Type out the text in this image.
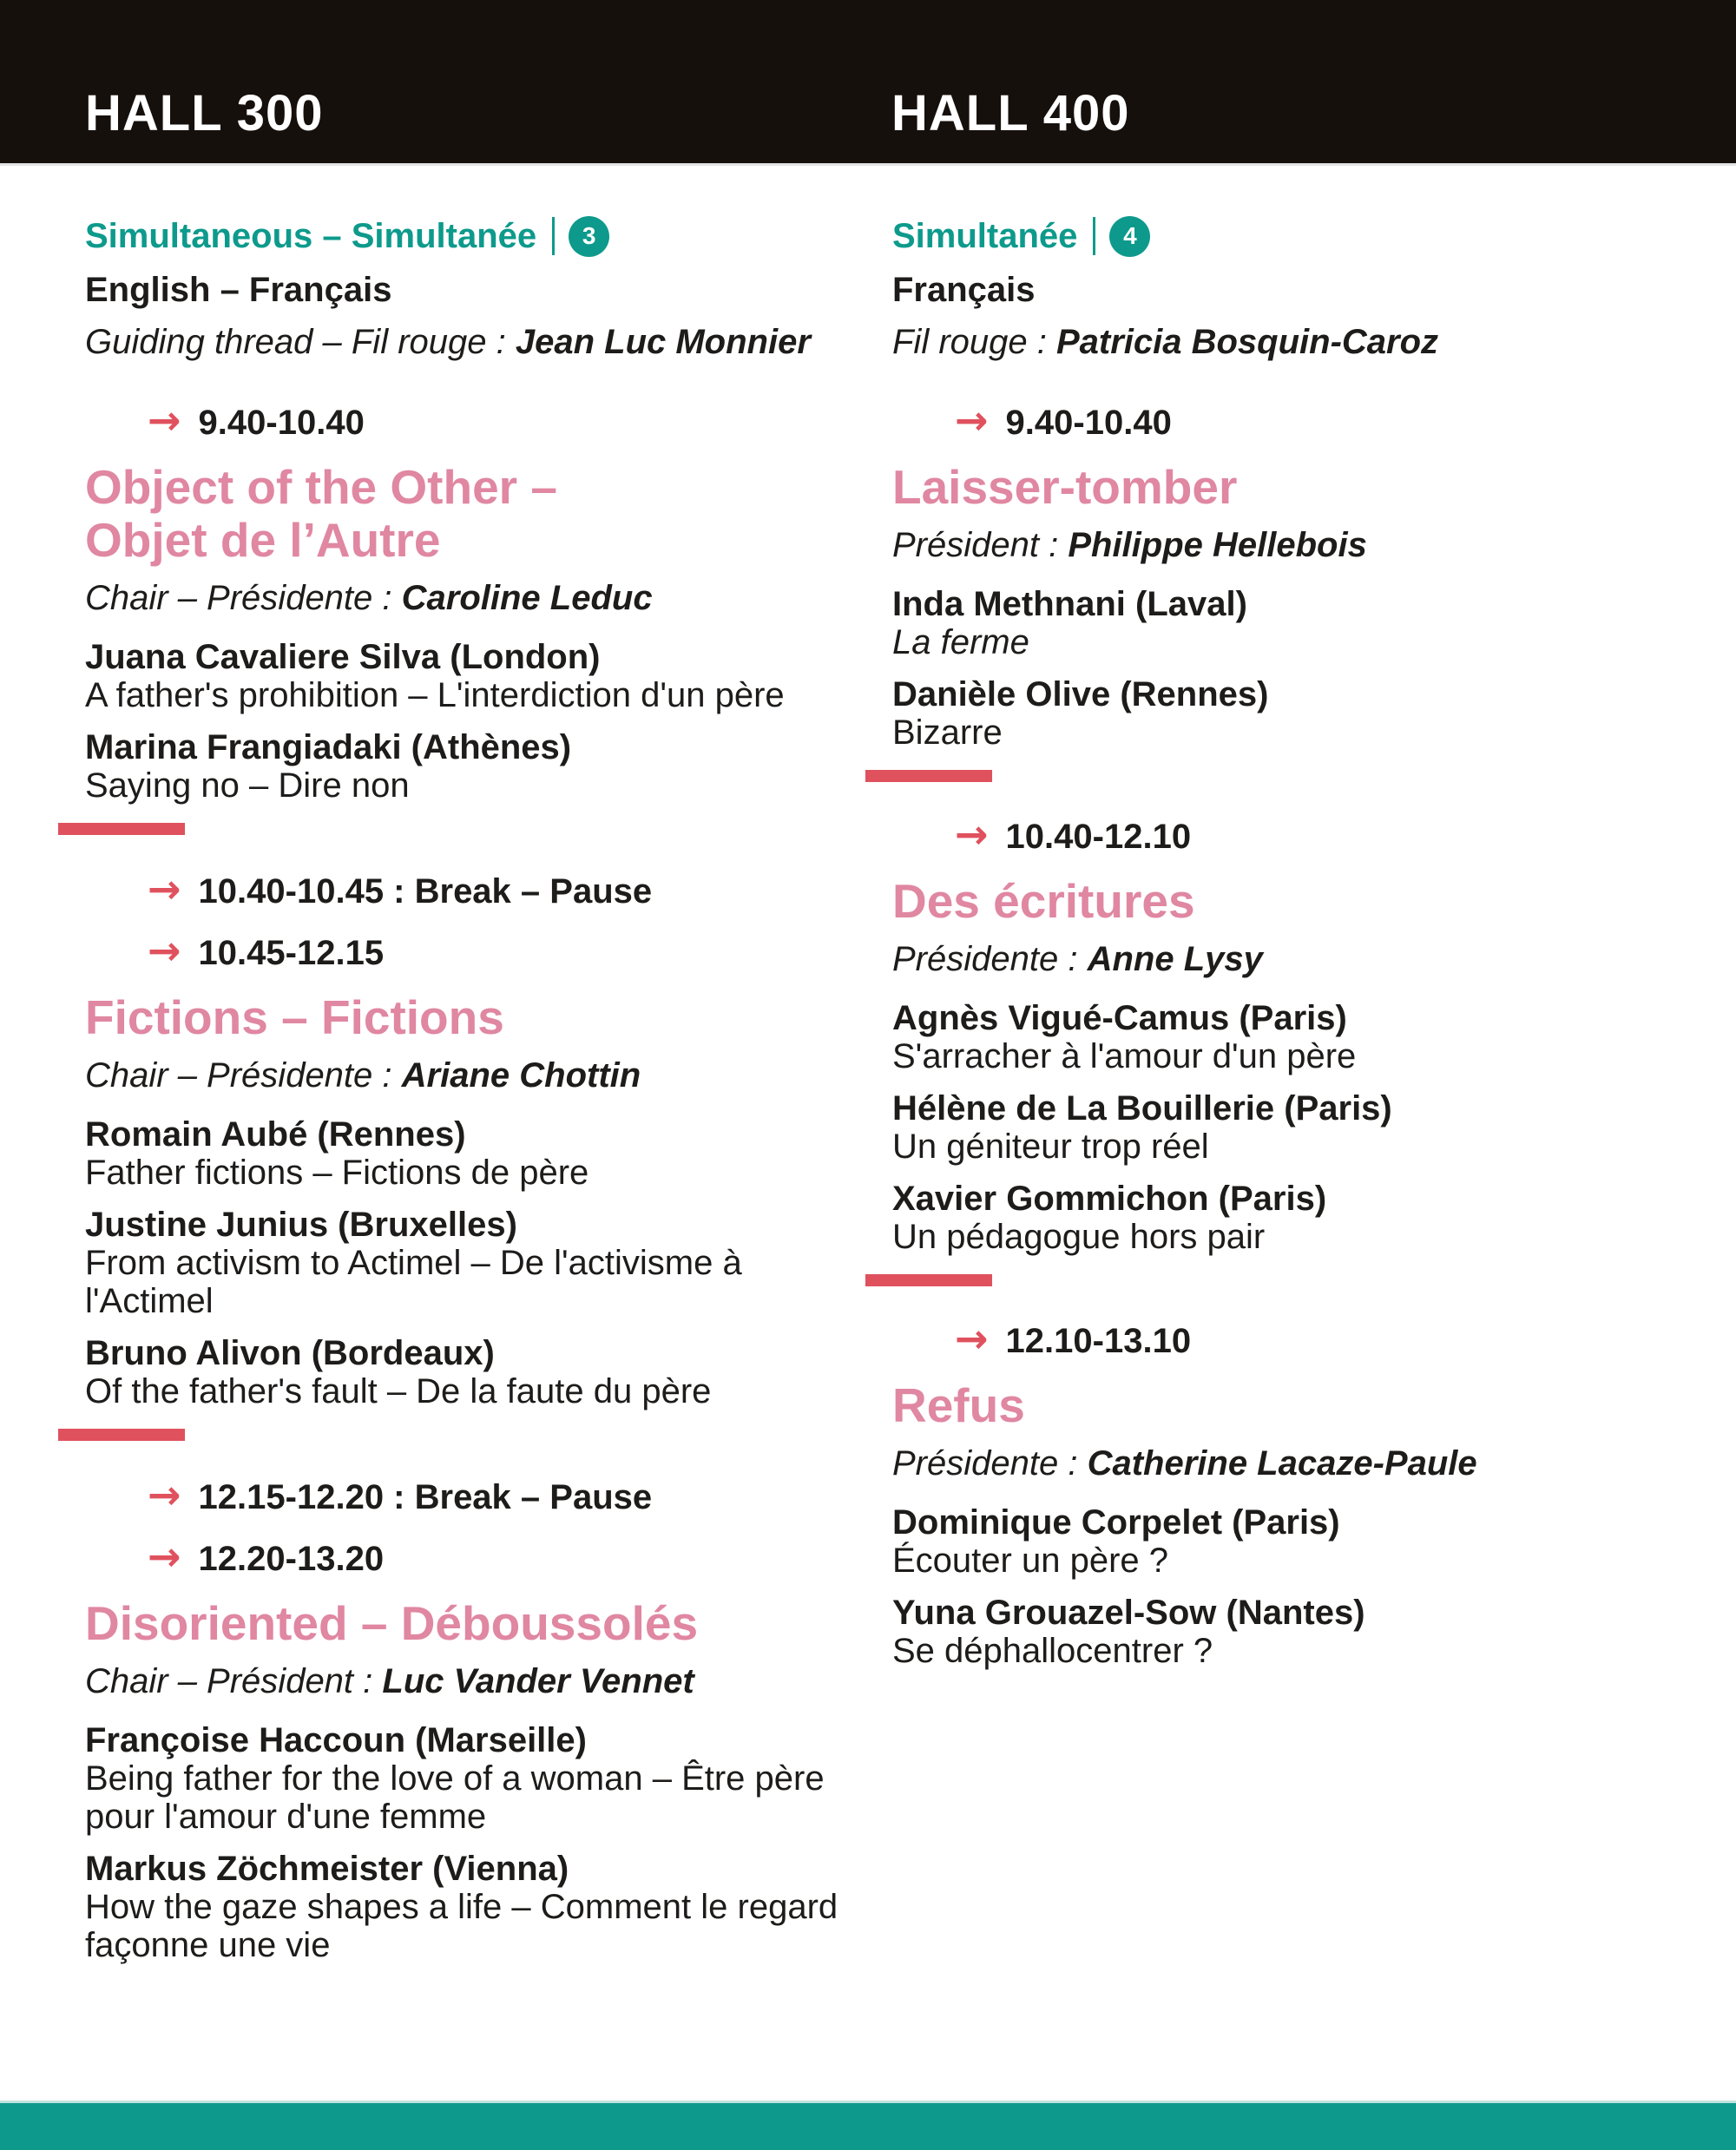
HALL 300	HALL 400
Simultaneous – Simultanée	3
English – Français
Guiding thread – Fil rouge : Jean Luc Monnier
→ 9.40-10.40
Object of the Other –
Objet de l’Autre
Chair – Présidente : Caroline Leduc
Juana Cavaliere Silva (London)
A father's prohibition – L'interdiction d'un père
Marina Frangiadaki (Athènes)
Saying no – Dire non
→ 10.40-10.45 : Break – Pause
→ 10.45-12.15
Fictions – Fictions
Chair – Présidente : Ariane Chottin
Romain Aubé (Rennes)
Father fictions – Fictions de père
Justine Junius (Bruxelles)
From activism to Actimel – De l'activisme à l'Actimel
Bruno Alivon (Bordeaux)
Of the father's fault – De la faute du père
→ 12.15-12.20 : Break – Pause
→ 12.20-13.20
Disoriented – Déboussolés
Chair – Président : Luc Vander Vennet
Françoise Haccoun (Marseille)
Being father for the love of a woman – Être père pour l'amour d'une femme
Markus Zöchmeister (Vienna)
How the gaze shapes a life – Comment le regard façonne une vie
Simultanée	4
Français
Fil rouge : Patricia Bosquin-Caroz
→ 9.40-10.40
Laisser-tomber
Président : Philippe Hellebois
Inda Methnani (Laval)
La ferme
Danièle Olive (Rennes)
Bizarre
→ 10.40-12.10
Des écritures
Présidente : Anne Lysy
Agnès Vigué-Camus (Paris)
S'arracher à l'amour d'un père
Hélène de La Bouillerie (Paris)
Un géniteur trop réel
Xavier Gommichon (Paris)
Un pédagogue hors pair
→ 12.10-13.10
Refus
Présidente : Catherine Lacaze-Paule
Dominique Corpelet (Paris)
Écouter un père ?
Yuna Grouazel-Sow (Nantes)
Se déphallocentrer ?
